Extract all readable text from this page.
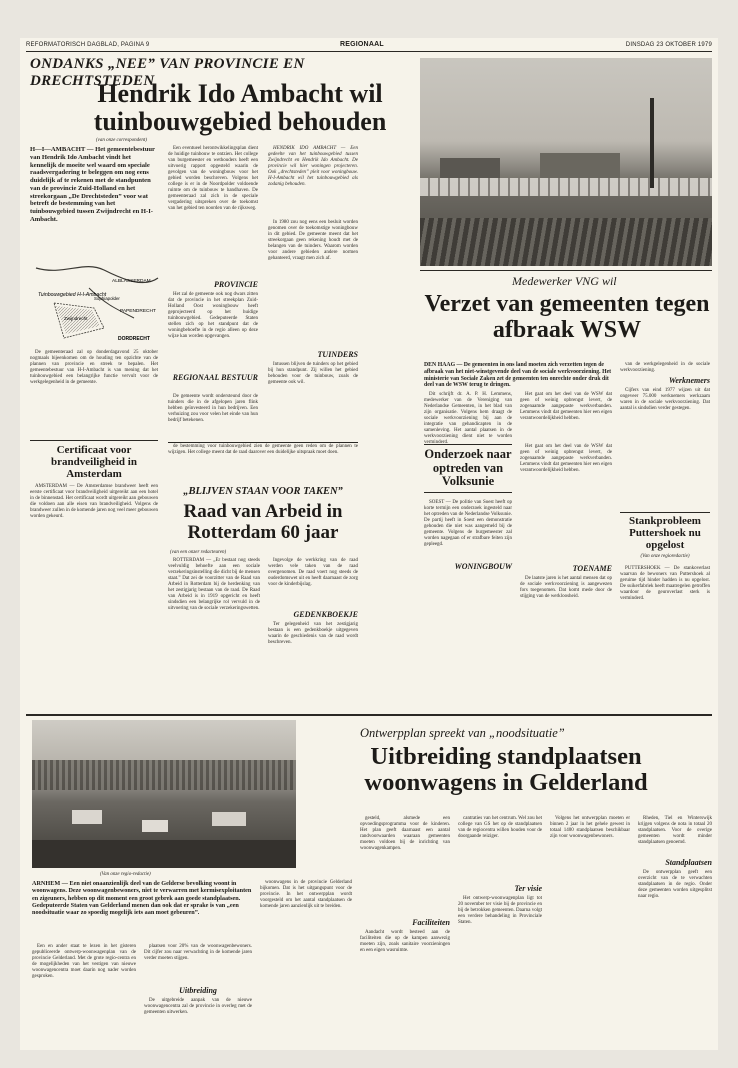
REFORMATORISCH DAGBLAD, PAGINA 9	REGIONAAL	DINSDAG 23 OKTOBER 1979
ONDANKS „NEE” VAN PROVINCIE EN DRECHTSTEDEN
Hendrik Ido Ambacht wil
tuinbouwgebied behouden
(van onze correspondent)
H—I—AMBACHT — Het gemeentebestuur van Hendrik Ido Ambacht vindt het kennelijk de moeite wel waard om speciale raadsvergadering te beleggen om nog eens duidelijk af te rekenen met de standpunten van de provincie Zuid-Holland en het streekorgaan „De Drechtsteden” voor wat betreft de bestemming van het tuinbouwgebied tussen Zwijndrecht en H-I-Ambacht.
Tuinbouwgebied H-I-Ambacht
ALBLASSERDAM
PAPENDRECHT
DORDRECHT
Zwijndrecht
Sophiapolder

De gemeenteraad zal op donderdagavond 25 oktober nogmaals bijeenkomen om de houding ten opzichte van de plannen van provincie en streek te bepalen. Het gemeentebestuur van H-I-Ambacht is van mening dat het tuinbouwgebied een belangrijke functie vervult voor de werkgelegenheid in de gemeente.

Een eventueel herontwikkelingsplan dient de huidige tuinbouw te ontzien. Het college van burgemeester en wethouders heeft een uitvoerig rapport opgesteld waarin de gevolgen van de woningbouw voor het gebied worden beschreven. Volgens het college is er in de Noordpolder voldoende ruimte om de tuinbouw te handhaven. De gemeenteraad zal zich in de speciale vergadering uitspreken over de toekomst van het gebied ten noorden van de rijksweg.

PROVINCIE

Het zal de gemeente ook nog dwars zitten dat de provincie in het streekplan Zuid-Holland Oost woningbouw heeft geprojecteerd op het huidige tuinbouwgebied. Gedeputeerde Staten stellen zich op het standpunt dat de woningbehoefte in de regio alleen op deze wijze kan worden opgevangen.

REGIONAAL BESTUUR

De gemeente wordt ondersteund door de tuinders die in de afgelopen jaren flink hebben geïnvesteerd in hun bedrijven. Een verhuizing zou voor velen het einde van hun bedrijf betekenen.

HENDRIK IDO AMBACHT — Een gedeelte van het tuinbouwgebied tussen Zwijndrecht en Hendrik Ido Ambacht. De provincie wil hier woningen projecteren. Ook „drechtsteden” pleit voor woningbouw. H-I-Ambacht wil het tuinbouwgebied als zodanig behouden.

In 1980 zou nog eens een besluit worden genomen over de toekomstige woningbouw in dit gebied. De gemeente meent dat het streekorgaan geen rekening houdt met de belangen van de tuinders. Waarom worden voor andere gebieden andere normen gehanteerd, vraagt men zich af.

TUINDERS

Intussen blijven de tuinders op het gebied bij hun standpunt. Zij willen het gebied behouden voor de tuinbouw, zoals de gemeente ook wil.

Medewerker VNG wil
Verzet van gemeenten tegen afbraak WSW
DEN HAAG — De gemeenten in ons land moeten zich verzetten tegen de afbraak van het niet-winstgevende deel van de sociale werkvoorziening. Het ministerie van Sociale Zaken zet de gemeenten ten onrechte onder druk dit deel van de WSW terug te dringen.

Dit schrijft dr. A. P. H. Lemmens, medewerker van de Vereniging van Nederlandse Gemeenten, in het blad van zijn organisatie. Volgens hem draagt de sociale werkvoorziening bij aan de integratie van gehandicapten in de samenleving. Het aantal plaatsen in de werkvoorziening dient niet te worden verminderd.

Het gaat om het deel van de WSW dat geen of weinig opbrengst levert, de zogenaamde aangepaste werkverbanden. Lemmens vindt dat gemeenten hier een eigen verantwoordelijkheid hebben.

van de werkgelegenheid in de sociale werkvoorziening.

Werknemers

Cijfers van eind 1977 wijzen uit dat ongeveer 75.000 werknemers werkzaam waren in de sociale werkvoorziening. Dat aantal is sindsdien verder gestegen.

Onderzoek naar optreden van Volksunie

SOEST — De politie van Soest heeft op korte termijn een onderzoek ingesteld naar het optreden van de Nederlandse Volksunie. De partij heeft in Soest een demonstratie gehouden die niet was aangemeld bij de gemeente. Volgens de burgemeester zal worden nagegaan of er strafbare feiten zijn gepleegd.

Het gaat om het deel van de WSW dat geen of weinig opbrengst levert, de zogenaamde aangepaste werkverbanden. Lemmens vindt dat gemeenten hier een eigen verantwoordelijkheid hebben.

TOENAME

De laatste jaren is het aantal mensen dat op de sociale werkvoorziening is aangewezen fors toegenomen. Dat komt mede door de stijging van de werkloosheid.

Stankprobleem Puttershoek nu opgelost
(Van onze regioredactie)

PUTTERSHOEK — De stankoverlast waarvan de bewoners van Puttershoek al geruime tijd hinder hadden is nu opgelost. De suikerfabriek heeft maatregelen getroffen waardoor de geuroverlast sterk is verminderd.

Certificaat voor brandveiligheid in Amsterdam

AMSTERDAM — De Amsterdamse brandweer heeft een eerste certificaat voor brandveiligheid uitgereikt aan een hotel in de binnenstad. Het certificaat wordt uitgereikt aan gebouwen die voldoen aan alle eisen van brandveiligheid. Volgens de brandweer zullen in de komende jaren nog veel meer gebouwen worden gekeurd.

de bestemming voor tuinbouwgebied zien de gemeente geen reden om de plannen te wijzigen. Het college meent dat de raad daarover een duidelijke uitspraak moet doen.

„BLIJVEN STAAN VOOR TAKEN”
Raad van Arbeid in Rotterdam 60 jaar
(van een onzer redacteuren)

ROTTERDAM — „Er bestaat nog steeds veelvuldig behoefte aan een sociale verzekeringsinstelling die dicht bij de mensen staat.” Dat zei de voorzitter van de Raad van Arbeid in Rotterdam bij de herdenking van het zestigjarig bestaan van de raad. De Raad van Arbeid is in 1919 opgericht en heeft sindsdien een belangrijke rol vervuld in de uitvoering van de sociale verzekeringswetten.

Ingevolge de werkkring van de raad werden vele taken van de raad overgenomen. De raad voert nog steeds de ouderdomswet uit en heeft daarnaast de zorg voor de kinderbijslag.

GEDENKBOEKJE

Ter gelegenheid van het zestigjarig bestaan is een gedenkboekje uitgegeven waarin de geschiedenis van de raad wordt beschreven.

Ontwerpplan spreekt van „noodsituatie”
Uitbreiding standplaatsen
woonwagens in Gelderland
(Van onze regio-redactie)
ARNHEM — Een niet onaanzienlijk deel van de Gelderse bevolking woont in woonwagens. Deze woonwagenbewoners, niet te verwarren met kermisexploitanten en zigeuners, hebben op dit moment een groot gebrek aan goede standplaatsen. Gedeputeerde Staten van Gelderland menen dan ook dat er sprake is van „een noodsituatie waar zo spoedig mogelijk iets aan moet gebeuren”.

Een en ander staat te lezen in het gisteren gepubliceerde ontwerp-woonwagenplan van de provincie Gelderland. Met de grote regio-centra en de mogelijkheden van het vestigen van nieuwe woonwagencentra moet daarin nog nader worden gesproken.

plaatsen voor 20% van de woonwagenbewoners. Dit cijfer zou naar verwachting in de komende jaren verder moeten stijgen.

Uitbreiding

De uitgebreide aanpak van de nieuwe woonwagencentra zal de provincie in overleg met de gemeenten uitwerken.

woonwagens in de provincie Gelderland bijkomen. Dat is het uitgangspunt voor de provincie. In het ontwerpplan wordt voorgesteld om het aantal standplaatsen de komende jaren aanzienlijk uit te breiden.

gesteld, alsmede een opvoedingsprogramma voor de kinderen. Het plan geeft daarnaast een aantal randvoorwaarden waaraan gemeenten moeten voldoen bij de inrichting van woonwagenkampen.

Faciliteiten

Aandacht wordt besteed aan de faciliteiten die op de kampen aanwezig moeten zijn, zoals sanitaire voorzieningen en een eigen wasruimte.

cantraties van het centrum. Wel zou het college van GS het op de standplaatsen van de regiocentra willen houden voor de doorgaande reiziger.

Ter visie

Het ontwerp-woonwagenplan ligt tot 20 november ter visie bij de provincie en bij de betrokken gemeenten. Daarna volgt een verdere behandeling in Provinciale Staten.

Volgens het ontwerpplan moeten er binnen 2 jaar in het gehele gewest in totaal 1400 standplaatsen beschikbaar zijn voor woonwagenbewoners.

Rheden, Tiel en Winterswijk krijgen volgens de nota in totaal 20 standplaatsen. Voor de overige gemeenten wordt minder standplaatsen genoemd.

Standplaatsen

De ontwerpplan geeft een overzicht van de te verwachten standplaatsen in de regio. Onder deze gemeenten worden uitgesplitst naar regio.

WONINGBOUW
